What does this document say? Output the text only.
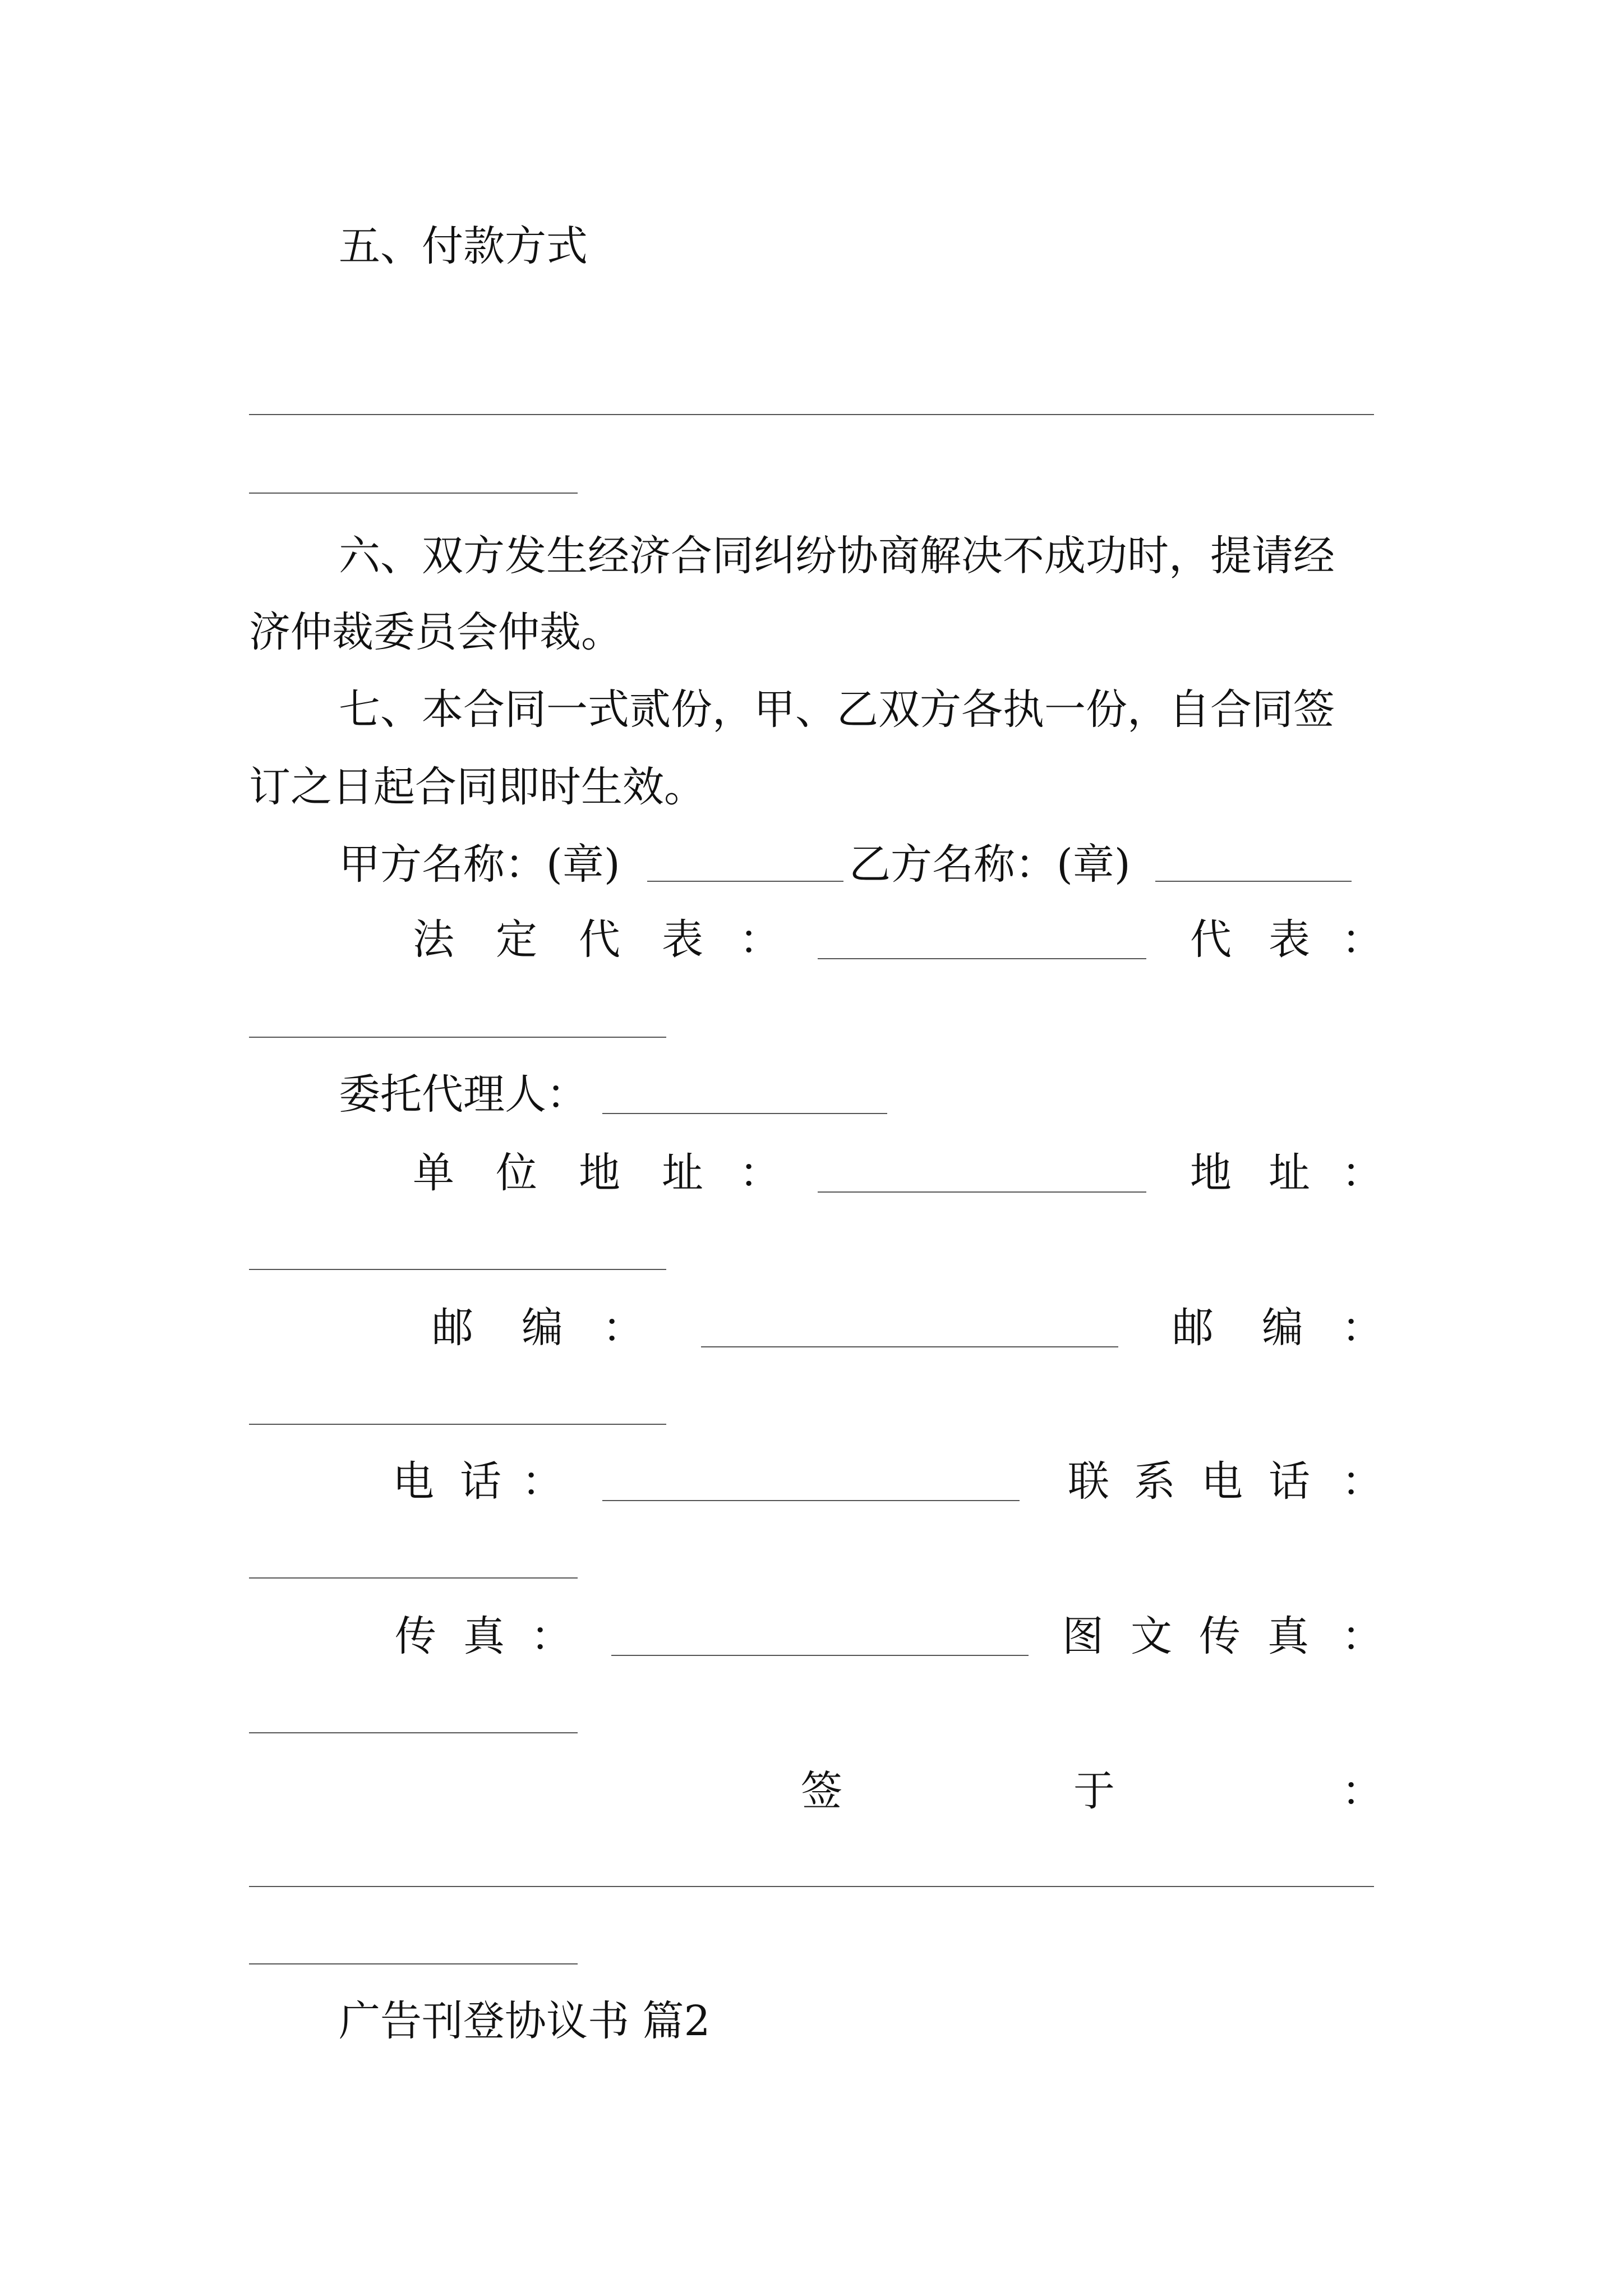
五、付款方式
六、双方发生经济合同纠纷协商解决不成功时，提请经
济仲裁委员会仲裁。
七、本合同一式贰份，甲、乙双方各执一份，自合同签
订之日起合同即时生效。
甲方名称：(章)	乙方名称：(章)
法 定 代 表 ：	代 表 ：
委托代理人：
单 位 地 址 ：	地 址 ：
邮 编 ：	邮 编 ：
电 话 ：	联 系 电 话 ：
传 真 ：	图 文 传 真 ：
签	于	：
广告刊登协议书 篇2
